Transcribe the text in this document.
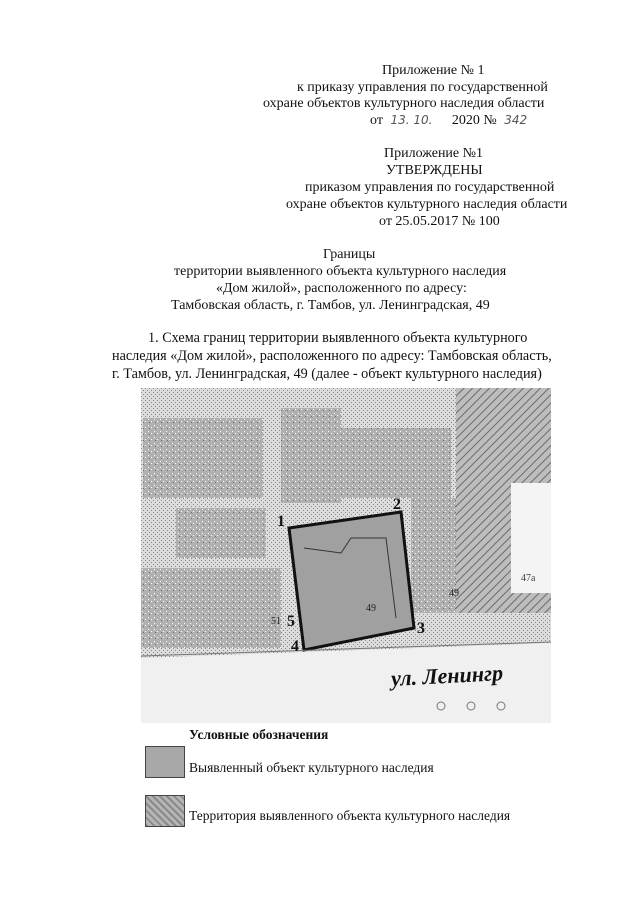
Приложение № 1
к приказу управления по государственной
охране объектов культурного наследия области
от 13. 10. 2020 № 342
Приложение №1
УТВЕРЖДЕНЫ
приказом управления по государственной
охране объектов культурного наследия области
от 25.05.2017 № 100
Границы
территории выявленного объекта культурного наследия
«Дом жилой», расположенного по адресу:
Тамбовская область, г. Тамбов, ул. Ленинградская, 49
1. Схема границ территории выявленного объекта культурного
наследия «Дом жилой», расположенного по адресу: Тамбовская область,
г. Тамбов, ул. Ленинградская, 49 (далее - объект культурного наследия)
1
2
3
4
5
51
49
49
47а
ул. Ленингр
Условные обозначения
Выявленный объект культурного наследия
Территория выявленного объекта культурного наследия
